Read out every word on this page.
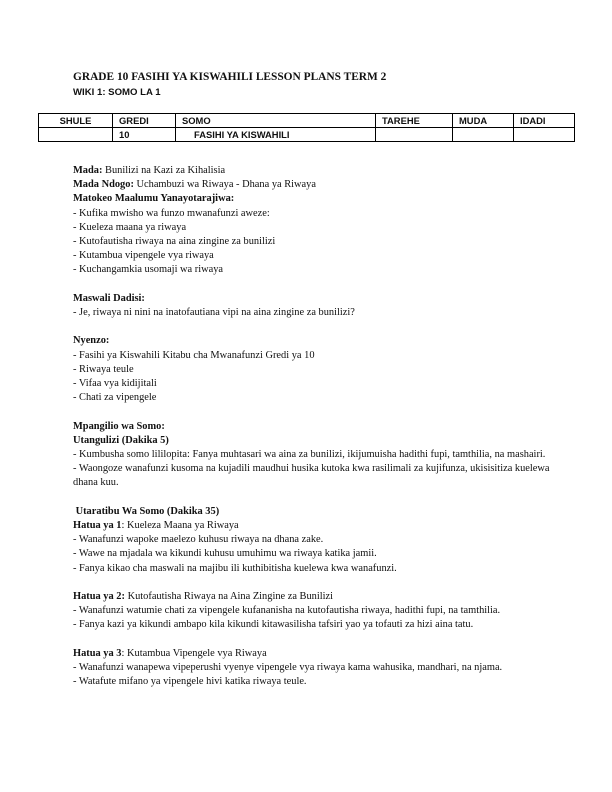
GRADE 10 FASIHI YA KISWAHILI LESSON PLANS TERM 2
WIKI 1: SOMO LA 1
SHULE	GREDI	SOMO	TAREHE	MUDA	IDADI
	10	FASIHI YA KISWAHILI			
Mada: Bunilizi na Kazi za Kihalisia
Mada Ndogo: Uchambuzi wa Riwaya - Dhana ya Riwaya
Matokeo Maalumu Yanayotarajiwa:
- Kufika mwisho wa funzo mwanafunzi aweze:
- Kueleza maana ya riwaya
- Kutofautisha riwaya na aina zingine za bunilizi
- Kutambua vipengele vya riwaya
- Kuchangamkia usomaji wa riwaya
Maswali Dadisi:
- Je, riwaya ni nini na inatofautiana vipi na aina zingine za bunilizi?
Nyenzo:
- Fasihi ya Kiswahili Kitabu cha Mwanafunzi Gredi ya 10
- Riwaya teule
- Vifaa vya kidijitali
- Chati za vipengele
Mpangilio wa Somo:
Utangulizi (Dakika 5)
- Kumbusha somo lililopita: Fanya muhtasari wa aina za bunilizi, ikijumuisha hadithi fupi, tamthilia, na mashairi.
- Waongoze wanafunzi kusoma na kujadili maudhui husika kutoka kwa rasilimali za kujifunza, ukisisitiza kuelewa dhana kuu.
Utaratibu Wa Somo (Dakika 35)
Hatua ya 1: Kueleza Maana ya Riwaya
- Wanafunzi wapoke maelezo kuhusu riwaya na dhana zake.
- Wawe na mjadala wa kikundi kuhusu umuhimu wa riwaya katika jamii.
- Fanya kikao cha maswali na majibu ili kuthibitisha kuelewa kwa wanafunzi.
Hatua ya 2: Kutofautisha Riwaya na Aina Zingine za Bunilizi
- Wanafunzi watumie chati za vipengele kufananisha na kutofautisha riwaya, hadithi fupi, na tamthilia.
- Fanya kazi ya kikundi ambapo kila kikundi kitawasilisha tafsiri yao ya tofauti za hizi aina tatu.
Hatua ya 3: Kutambua Vipengele vya Riwaya
- Wanafunzi wanapewa vipeperushi vyenye vipengele vya riwaya kama wahusika, mandhari, na njama.
- Watafute mifano ya vipengele hivi katika riwaya teule.
